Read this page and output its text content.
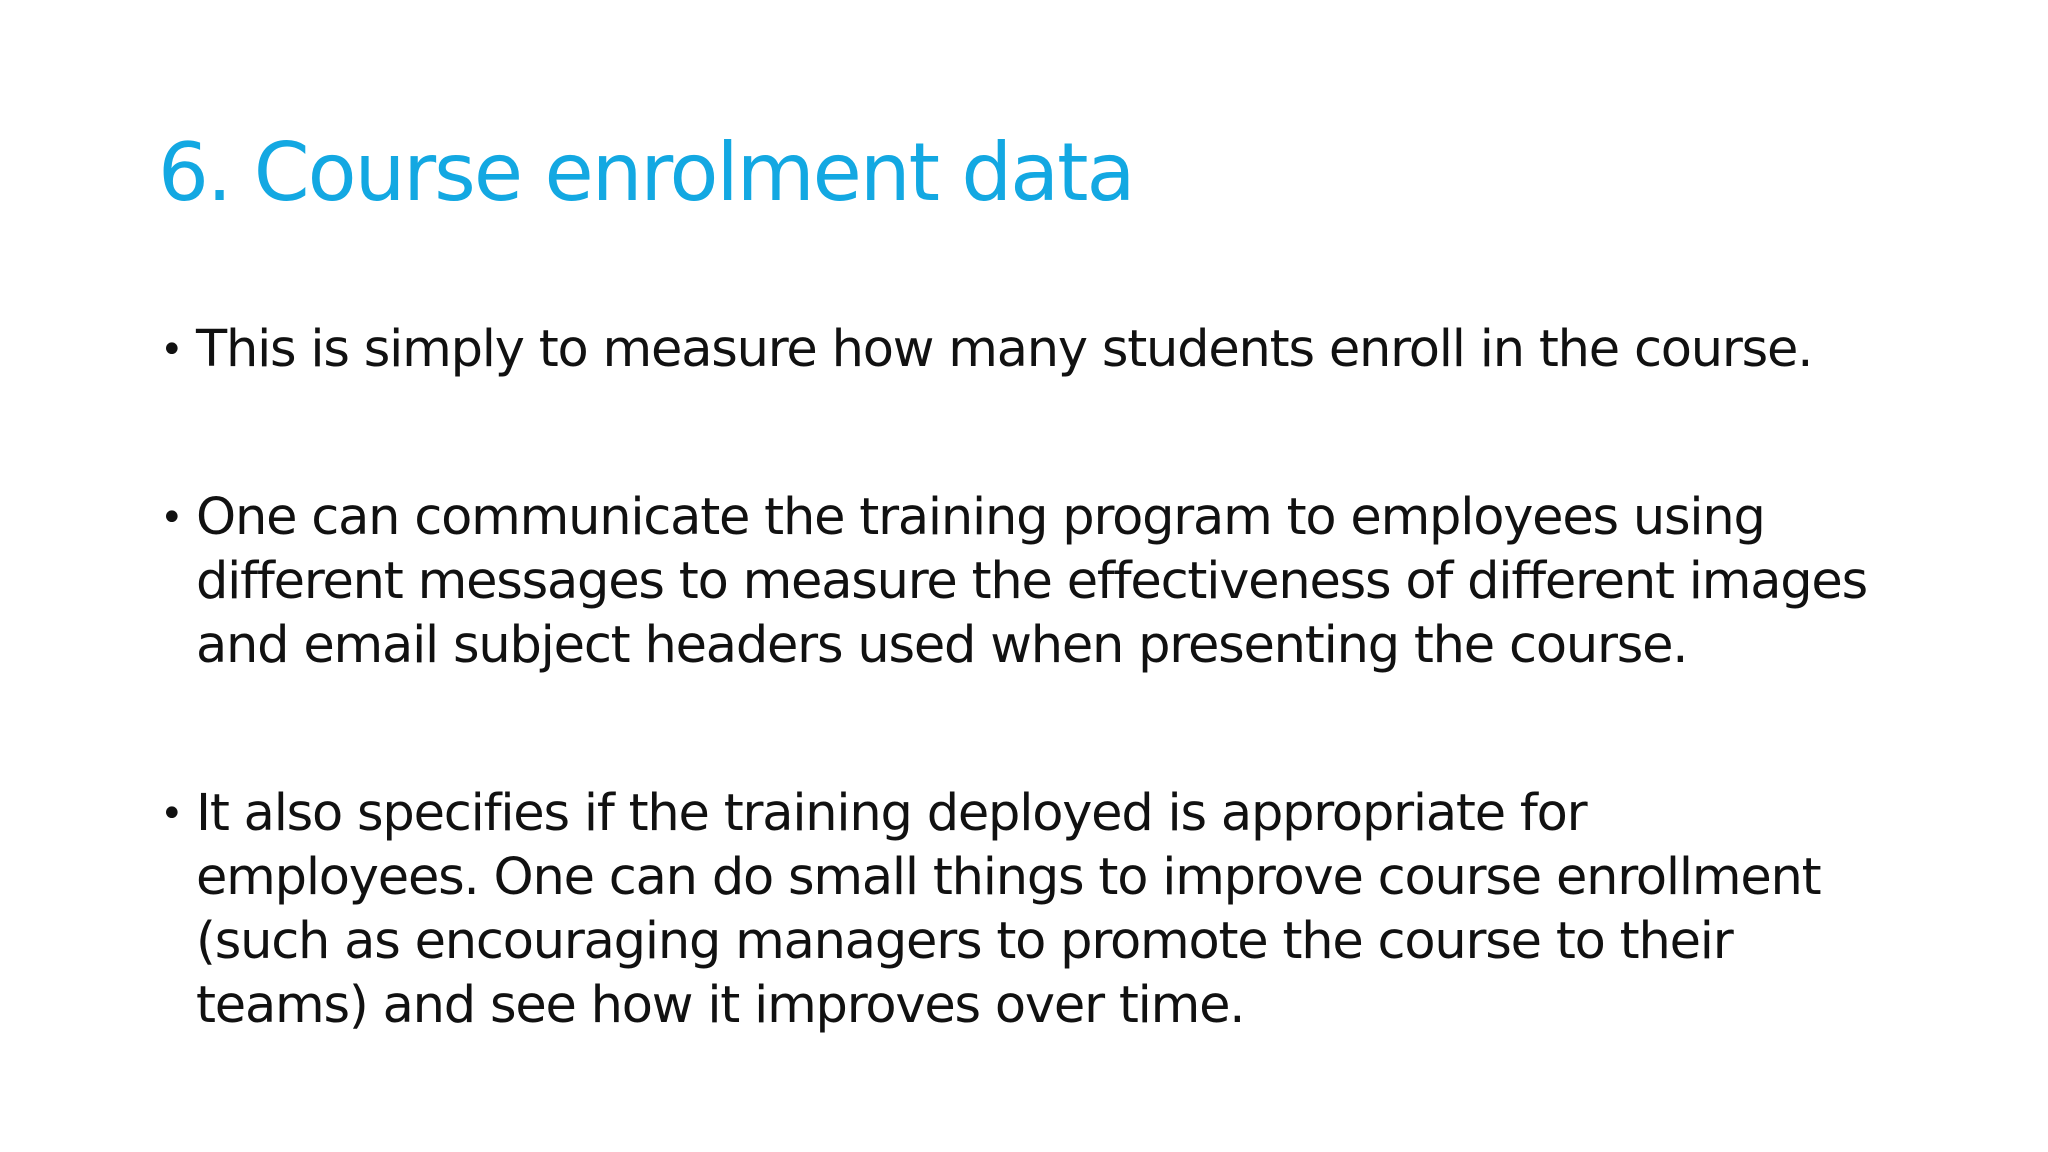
6. Course enrolment data
• This is simply to measure how many students enroll in the course.
• One can communicate the training program to employees using different messages to measure the effectiveness of different images and email subject headers used when presenting the course.
• It also specifies if the training deployed is appropriate for employees. One can do small things to improve course enrollment (such as encouraging managers to promote the course to their teams) and see how it improves over time.
